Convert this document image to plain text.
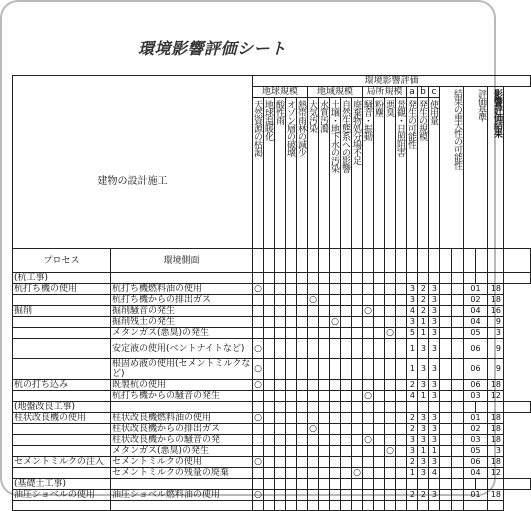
環境影響評価シート
建物の設計施工		環境影響評価																						
		地球規模					地域規模					局所規模				a	b	c	結果の重大性の可能性		評価基準		影響評価結果	
		天然資源の枯渇	地球温暖化	酸性雨	オゾン層の破壊	熱帯雨林の減少	大気汚染	水質汚濁	土壌・地下水の汚染	自然生態系への影響	廃棄物処分場不足	騒音・振動	粉塵	悪臭	景観・日照阻害	発生の可能性	発生の規模	使用量						
プロセス	環境側面																							
(杭工事)																								
杭打ち機の使用	杭打ち機燃料油の使用	○														3	2	3			01		18	
	杭打ち機からの排出ガス						○									3	2	3			02		18	
掘削	掘削騒音の発生											○				4	2	3			04		16	
	掘削残土の発生								○							3	1	3			04		9	
	メタンガス(悪臭)の発生													○		5	1	3			05		3	
	安定液の使用(ベントナイトなど)	○														1	3	3			06		9	
	根固め液の使用(セメントミルクなど)	○														1	3	3			06		9	
杭の打ち込み	既製杭の使用	○														2	3	3			06		18	
	杭打ち機からの騒音の発生											○				4	1	3			03		12	
(地盤改良工事)																								
柱状改良機の使用	柱状改良機燃料油の使用	○														2	3	3			01		18	
	柱状改良機からの排出ガス						○									2	3	3			02		18	
	柱状改良機からの騒音の発											○				3	3	3			03		18	
	メタンガス(悪臭)の発生													○		3	1	1			05		3	
セメントミルクの注入	セメントミルクの使用	○														2	3	3			06		18	
	セメントミルクの残量の廃棄										○					1	3	4			04		12	
(基礎土工事)																								
油圧ショベルの使用	油圧ショベル燃料油の使用	○														2	2	3			01		18	
